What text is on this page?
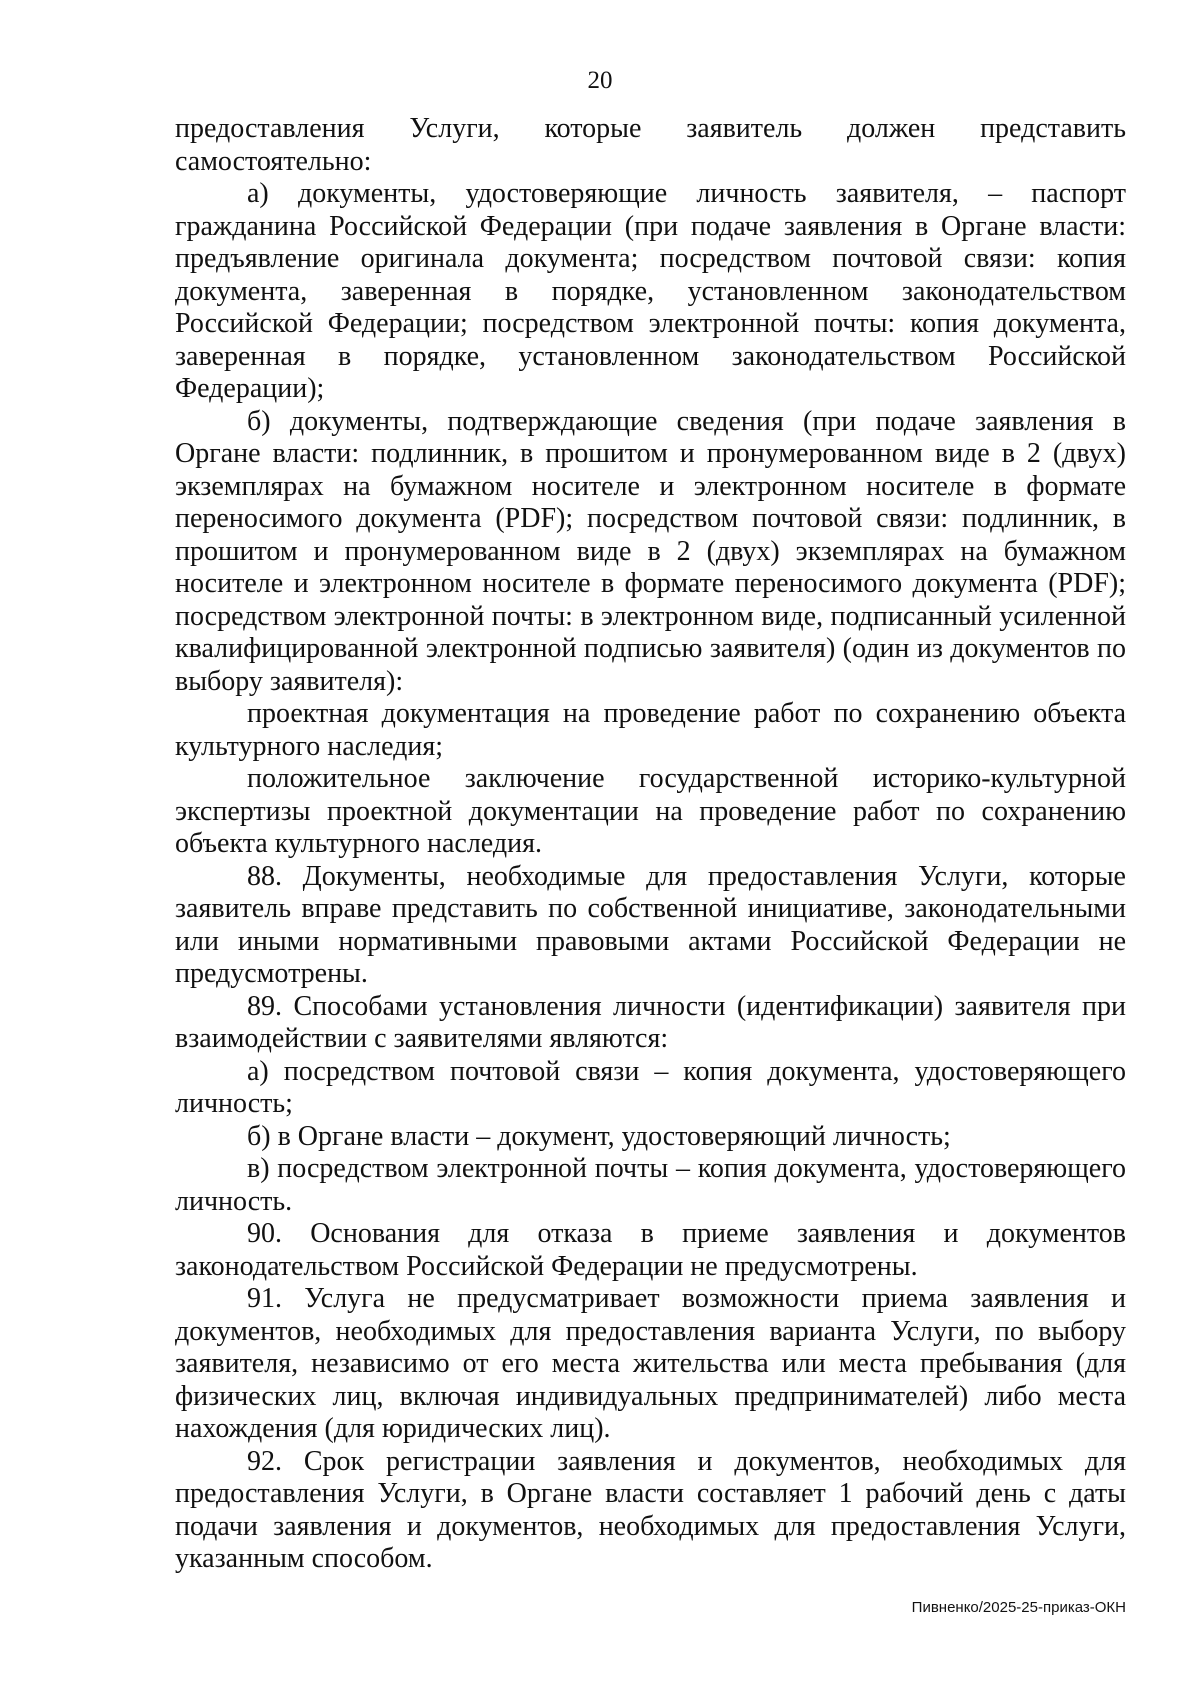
20

предоставления Услуги, которые заявитель должен представить самостоятельно:

а) документы, удостоверяющие личность заявителя, – паспорт гражданина Российской Федерации (при подаче заявления в Органе власти: предъявление оригинала документа; посредством почтовой связи: копия документа, заверенная в порядке, установленном законодательством Российской Федерации; посредством электронной почты: копия документа, заверенная в порядке, установленном законодательством Российской Федерации);

б) документы, подтверждающие сведения (при подаче заявления в Органе власти: подлинник, в прошитом и пронумерованном виде в 2 (двух) экземплярах на бумажном носителе и электронном носителе в формате переносимого документа (PDF); посредством почтовой связи: подлинник, в прошитом и пронумерованном виде в 2 (двух) экземплярах на бумажном носителе и электронном носителе в формате переносимого документа (PDF); посредством электронной почты: в электронном виде, подписанный усиленной квалифицированной электронной подписью заявителя) (один из документов по выбору заявителя):

проектная документация на проведение работ по сохранению объекта культурного наследия;

положительное заключение государственной историко-культурной экспертизы проектной документации на проведение работ по сохранению объекта культурного наследия.

88. Документы, необходимые для предоставления Услуги, которые заявитель вправе представить по собственной инициативе, законодательными или иными нормативными правовыми актами Российской Федерации не предусмотрены.

89. Способами установления личности (идентификации) заявителя при взаимодействии с заявителями являются:

а) посредством почтовой связи – копия документа, удостоверяющего личность;

б) в Органе власти – документ, удостоверяющий личность;

в) посредством электронной почты – копия документа, удостоверяющего личность.

90. Основания для отказа в приеме заявления и документов законодательством Российской Федерации не предусмотрены.

91. Услуга не предусматривает возможности приема заявления и документов, необходимых для предоставления варианта Услуги, по выбору заявителя, независимо от его места жительства или места пребывания (для физических лиц, включая индивидуальных предпринимателей) либо места нахождения (для юридических лиц).

92. Срок регистрации заявления и документов, необходимых для предоставления Услуги, в Органе власти составляет 1 рабочий день с даты подачи заявления и документов, необходимых для предоставления Услуги, указанным способом.

Пивненко/2025-25-приказ-ОКН
